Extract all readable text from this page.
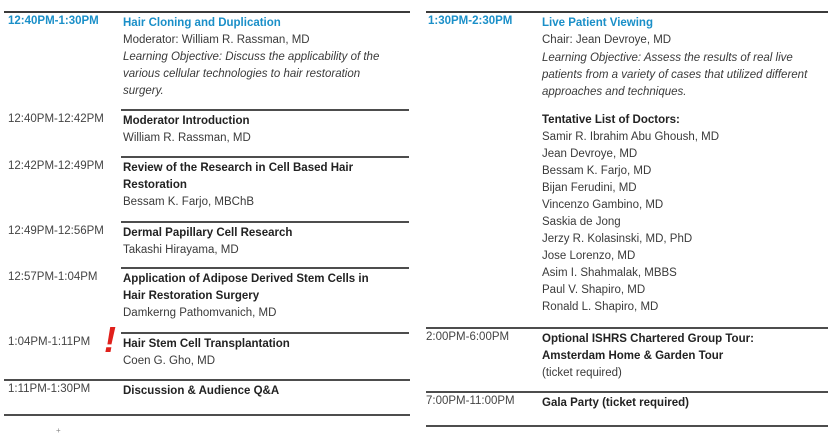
12:40PM-1:30PM Hair Cloning and Duplication
Moderator: William R. Rassman, MD
Learning Objective: Discuss the applicability of the
various cellular technologies to hair restoration
surgery.
12:40PM-12:42PM Moderator Introduction
William R. Rassman, MD
12:42PM-12:49PM Review of the Research in Cell Based Hair
Restoration
Bessam K. Farjo, MBChB
12:49PM-12:56PM Dermal Papillary Cell Research
Takashi Hirayama, MD
12:57PM-1:04PM Application of Adipose Derived Stem Cells in
Hair Restoration Surgery
Damkerng Pathomvanich, MD
1:04PM-1:11PM	Hair Stem Cell Transplantation
Coen G. Gho, MD
1:11PM-1:30PM	Discussion & Audience Q&A
!
+
1:30PM-2:30PM	Live Patient Viewing
Chair: Jean Devroye, MD
Learning Objective: Assess the results of real live
patients from a variety of cases that utilized different
approaches and techniques.
Tentative List of Doctors:
Samir R. Ibrahim Abu Ghoush, MD
Jean Devroye, MD
Bessam K. Farjo, MD
Bijan Ferudini, MD
Vincenzo Gambino, MD
Saskia de Jong
Jerzy R. Kolasinski, MD, PhD
Jose Lorenzo, MD
Asim I. Shahmalak, MBBS
Paul V. Shapiro, MD
Ronald L. Shapiro, MD
2:00PM-6:00PM	Optional ISHRS Chartered Group Tour:
Amsterdam Home & Garden Tour
(ticket required)
7:00PM-11:00PM Gala Party (ticket required)
